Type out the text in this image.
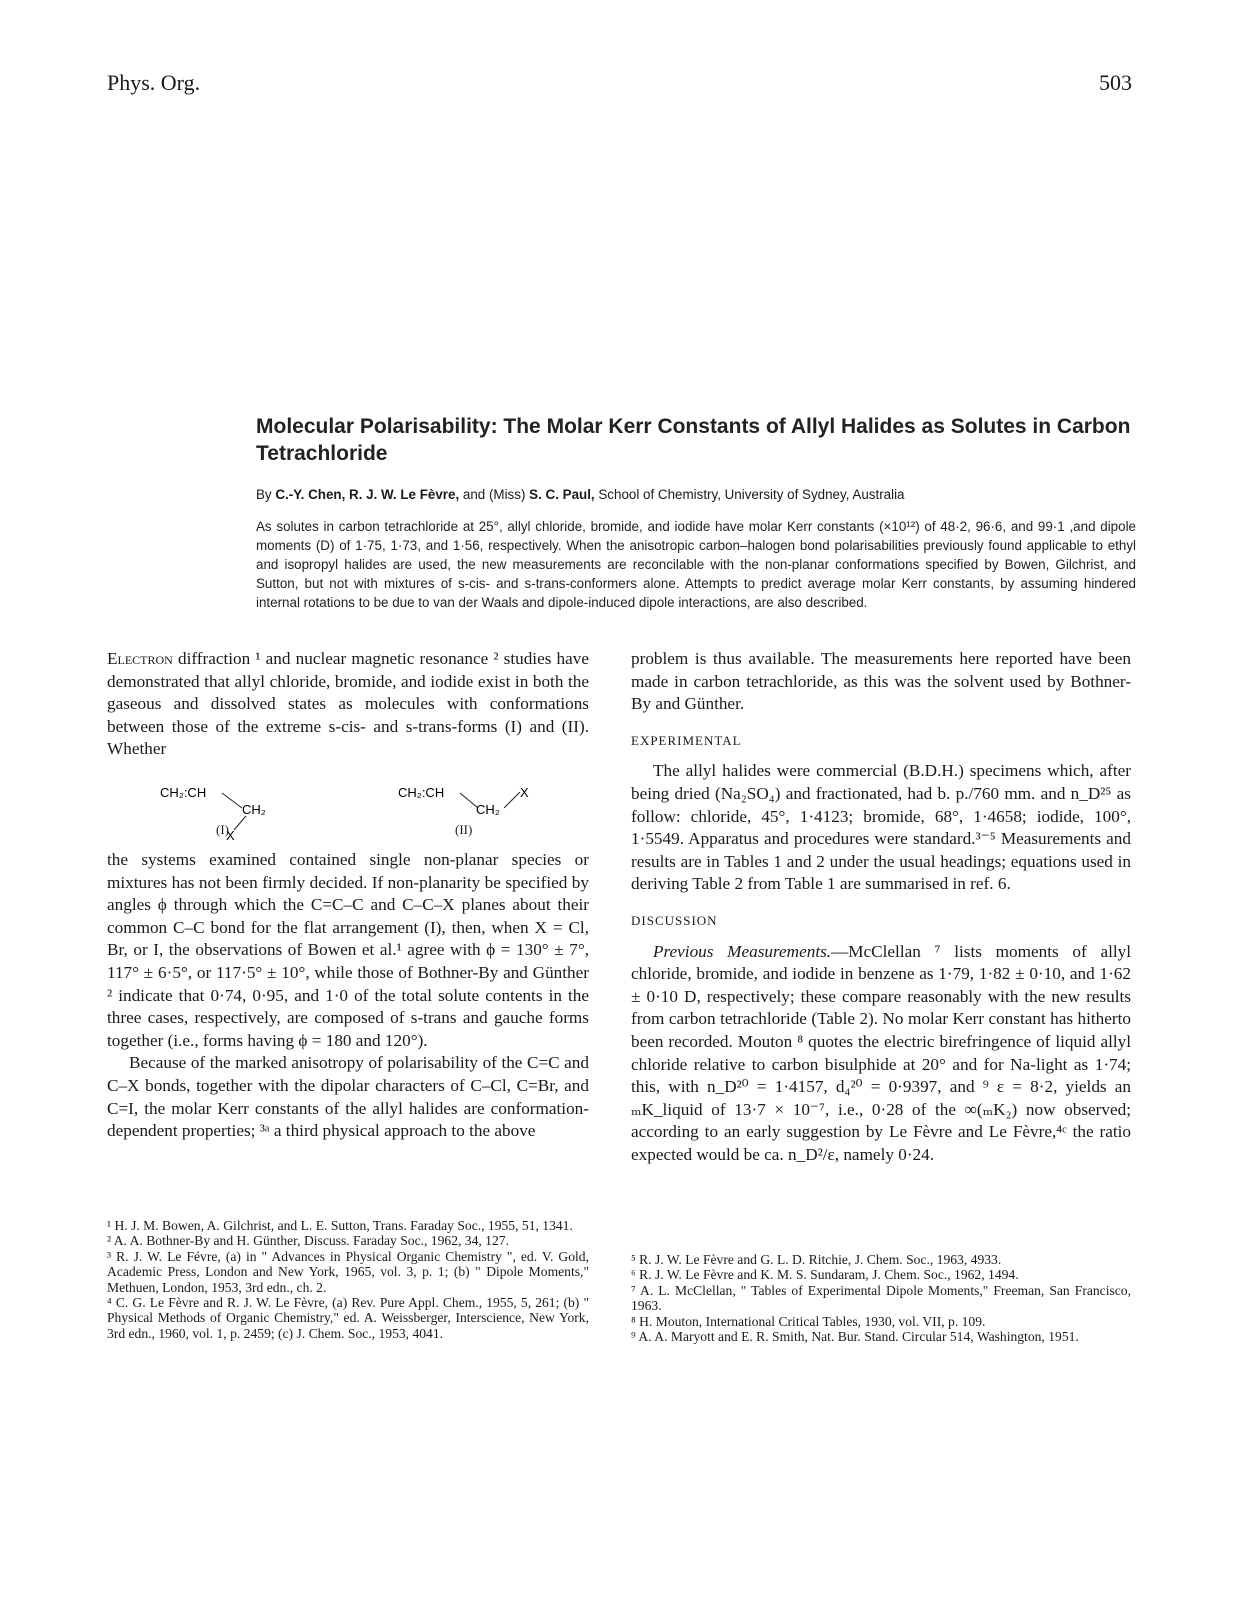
Phys. Org.	503
Molecular Polarisability: The Molar Kerr Constants of Allyl Halides as Solutes in Carbon Tetrachloride
By C.-Y. Chen, R. J. W. Le Fèvre, and (Miss) S. C. Paul, School of Chemistry, University of Sydney, Australia
As solutes in carbon tetrachloride at 25°, allyl chloride, bromide, and iodide have molar Kerr constants (×10¹²) of 48·2, 96·6, and 99·1 ,and dipole moments (D) of 1·75, 1·73, and 1·56, respectively. When the anisotropic carbon–halogen bond polarisabilities previously found applicable to ethyl and isopropyl halides are used, the new measurements are reconcilable with the non-planar conformations specified by Bowen, Gilchrist, and Sutton, but not with mixtures of s-cis- and s-trans-conformers alone. Attempts to predict average molar Kerr constants, by assuming hindered internal rotations to be due to van der Waals and dipole-induced dipole interactions, are also described.

Electron diffraction ¹ and nuclear magnetic resonance ² studies have demonstrated that allyl chloride, bromide, and iodide exist in both the gaseous and dissolved states as molecules with conformations between those of the extreme s-cis- and s-trans-forms (I) and (II). Whether

CH₂:CH
CH₂
X
CH₂:CH
CH₂
X
(I)	(II)

the systems examined contained single non-planar species or mixtures has not been firmly decided. If non-planarity be specified by angles ϕ through which the C=C–C and C–C–X planes about their common C–C bond for the flat arrangement (I), then, when X = Cl, Br, or I, the observations of Bowen et al.¹ agree with ϕ = 130° ± 7°, 117° ± 6·5°, or 117·5° ± 10°, while those of Bothner-By and Günther ² indicate that 0·74, 0·95, and 1·0 of the total solute contents in the three cases, respectively, are composed of s-trans and gauche forms together (i.e., forms having ϕ = 180 and 120°).

Because of the marked anisotropy of polarisability of the C=C and C–X bonds, together with the dipolar characters of C–Cl, C=Br, and C=I, the molar Kerr constants of the allyl halides are conformation-dependent properties; ³ᵃ a third physical approach to the above

¹ H. J. M. Bowen, A. Gilchrist, and L. E. Sutton, Trans. Faraday Soc., 1955, 51, 1341.

² A. A. Bothner-By and H. Günther, Discuss. Faraday Soc., 1962, 34, 127.

³ R. J. W. Le Févre, (a) in " Advances in Physical Organic Chemistry ", ed. V. Gold, Academic Press, London and New York, 1965, vol. 3, p. 1; (b) " Dipole Moments," Methuen, London, 1953, 3rd edn., ch. 2.

⁴ C. G. Le Fèvre and R. J. W. Le Fèvre, (a) Rev. Pure Appl. Chem., 1955, 5, 261; (b) " Physical Methods of Organic Chemistry," ed. A. Weissberger, Interscience, New York, 3rd edn., 1960, vol. 1, p. 2459; (c) J. Chem. Soc., 1953, 4041.

problem is thus available. The measurements here reported have been made in carbon tetrachloride, as this was the solvent used by Bothner-By and Günther.

EXPERIMENTAL

The allyl halides were commercial (B.D.H.) specimens which, after being dried (Na₂SO₄) and fractionated, had b. p./760 mm. and n_D²⁵ as follow: chloride, 45°, 1·4123; bromide, 68°, 1·4658; iodide, 100°, 1·5549. Apparatus and procedures were standard.³⁻⁵ Measurements and results are in Tables 1 and 2 under the usual headings; equations used in deriving Table 2 from Table 1 are summarised in ref. 6.

DISCUSSION

Previous Measurements.—McClellan ⁷ lists moments of allyl chloride, bromide, and iodide in benzene as 1·79, 1·82 ± 0·10, and 1·62 ± 0·10 D, respectively; these compare reasonably with the new results from carbon tetrachloride (Table 2). No molar Kerr constant has hitherto been recorded. Mouton ⁸ quotes the electric birefringence of liquid allyl chloride relative to carbon bisulphide at 20° and for Na-light as 1·74; this, with n_D²⁰ = 1·4157, d₄²⁰ = 0·9397, and ⁹ ε = 8·2, yields an ₘK_liquid of 13·7 × 10⁻⁷, i.e., 0·28 of the ∞(ₘK₂) now observed; according to an early suggestion by Le Fèvre and Le Fèvre,⁴ᶜ the ratio expected would be ca. n_D²/ε, namely 0·24.

⁵ R. J. W. Le Fèvre and G. L. D. Ritchie, J. Chem. Soc., 1963, 4933.

⁶ R. J. W. Le Fèvre and K. M. S. Sundaram, J. Chem. Soc., 1962, 1494.

⁷ A. L. McClellan, " Tables of Experimental Dipole Moments," Freeman, San Francisco, 1963.

⁸ H. Mouton, International Critical Tables, 1930, vol. VII, p. 109.

⁹ A. A. Maryott and E. R. Smith, Nat. Bur. Stand. Circular 514, Washington, 1951.
